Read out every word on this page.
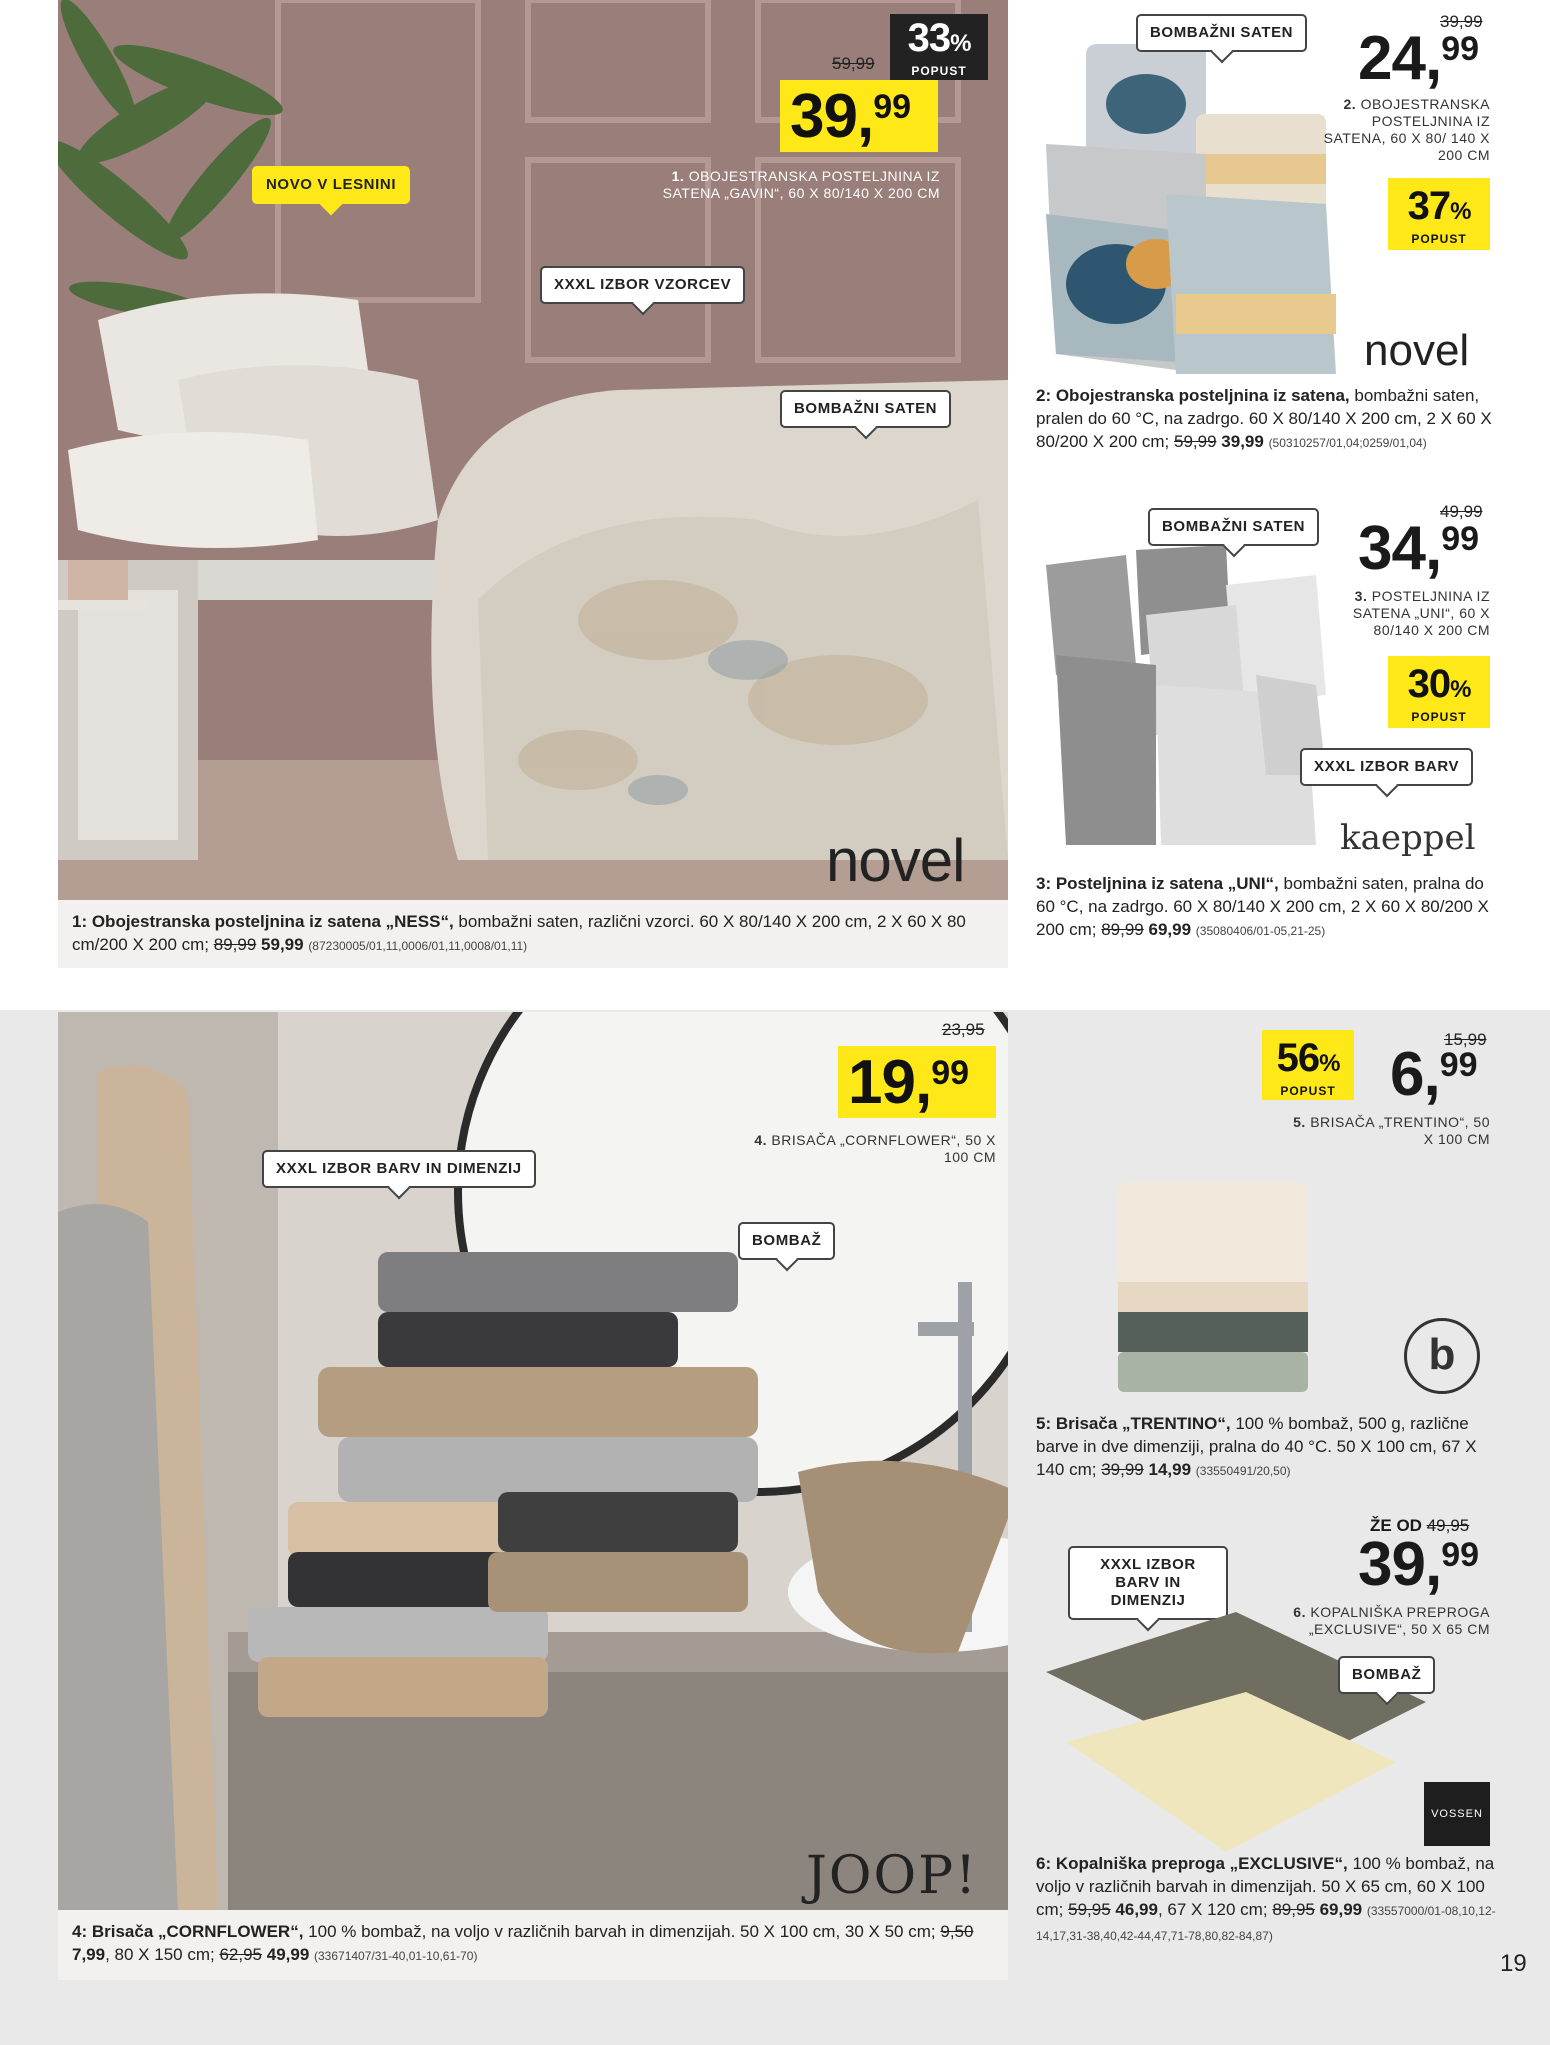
59,99
33%
POPUST
39,99
1. OBOJESTRANSKA POSTELJNINA IZ SATENA „GAVIN“, 60 X 80/140 X 200 CM
NOVO V LESNINI
XXXL IZBOR VZORCEV
BOMBAŽNI SATEN
novel
1: Obojestranska posteljnina iz satena „NESS“, bombažni saten, različni vzorci. 60 X 80/140 X 200 cm, 2 X 60 X 80 cm/200 X 200 cm; 89,99 59,99 (87230005/01,11,0006/01,11,0008/01,11)
BOMBAŽNI SATEN
39,99
24,99
2. OBOJESTRANSKA POSTELJNINA IZ SATENA, 60 X 80/ 140 X 200 CM
37%
POPUST
novel
2: Obojestranska posteljnina iz satena, bombažni saten, pralen do 60 °C, na zadrgo. 60 X 80/140 X 200 cm, 2 X 60 X 80/200 X 200 cm; 59,99 39,99 (50310257/01,04;0259/01,04)
BOMBAŽNI SATEN
49,99
34,99
3. POSTELJNINA IZ SATENA „UNI“, 60 X 80/140 X 200 CM
30%
POPUST
XXXL IZBOR BARV
kaeppel
3: Posteljnina iz satena „UNI“, bombažni saten, pralna do 60 °C, na zadrgo. 60 X 80/140 X 200 cm, 2 X 60 X 80/200 X 200 cm; 89,99 69,99 (35080406/01-05,21-25)
23,95
19,99
4. BRISAČA „CORNFLOWER“, 50 X 100 CM
XXXL IZBOR BARV IN DIMENZIJ
BOMBAŽ
JOOP!
4: Brisača „CORNFLOWER“, 100 % bombaž, na voljo v različnih barvah in dimenzijah. 50 X 100 cm, 30 X 50 cm; 9,50 7,99, 80 X 150 cm; 62,95 49,99 (33671407/31-40,01-10,61-70)
56%
POPUST
15,99
6,99
5. BRISAČA „TRENTINO“, 50 X 100 CM
b
5: Brisača „TRENTINO“, 100 % bombaž, 500 g, različne barve in dve dimenziji, pralna do 40 °C. 50 X 100 cm, 67 X 140 cm; 39,99 14,99 (33550491/20,50)
ŽE OD 49,95
39,99
6. KOPALNIŠKA PREPROGA „EXCLUSIVE“, 50 X 65 CM
XXXL IZBOR BARV IN DIMENZIJ
BOMBAŽ
VOSSEN
6: Kopalniška preproga „EXCLUSIVE“, 100 % bombaž, na voljo v različnih barvah in dimenzijah. 50 X 65 cm, 60 X 100 cm; 59,95 46,99, 67 X 120 cm; 89,95 69,99 (33557000/01-08,10,12-14,17,31-38,40,42-44,47,71-78,80,82-84,87)
19
